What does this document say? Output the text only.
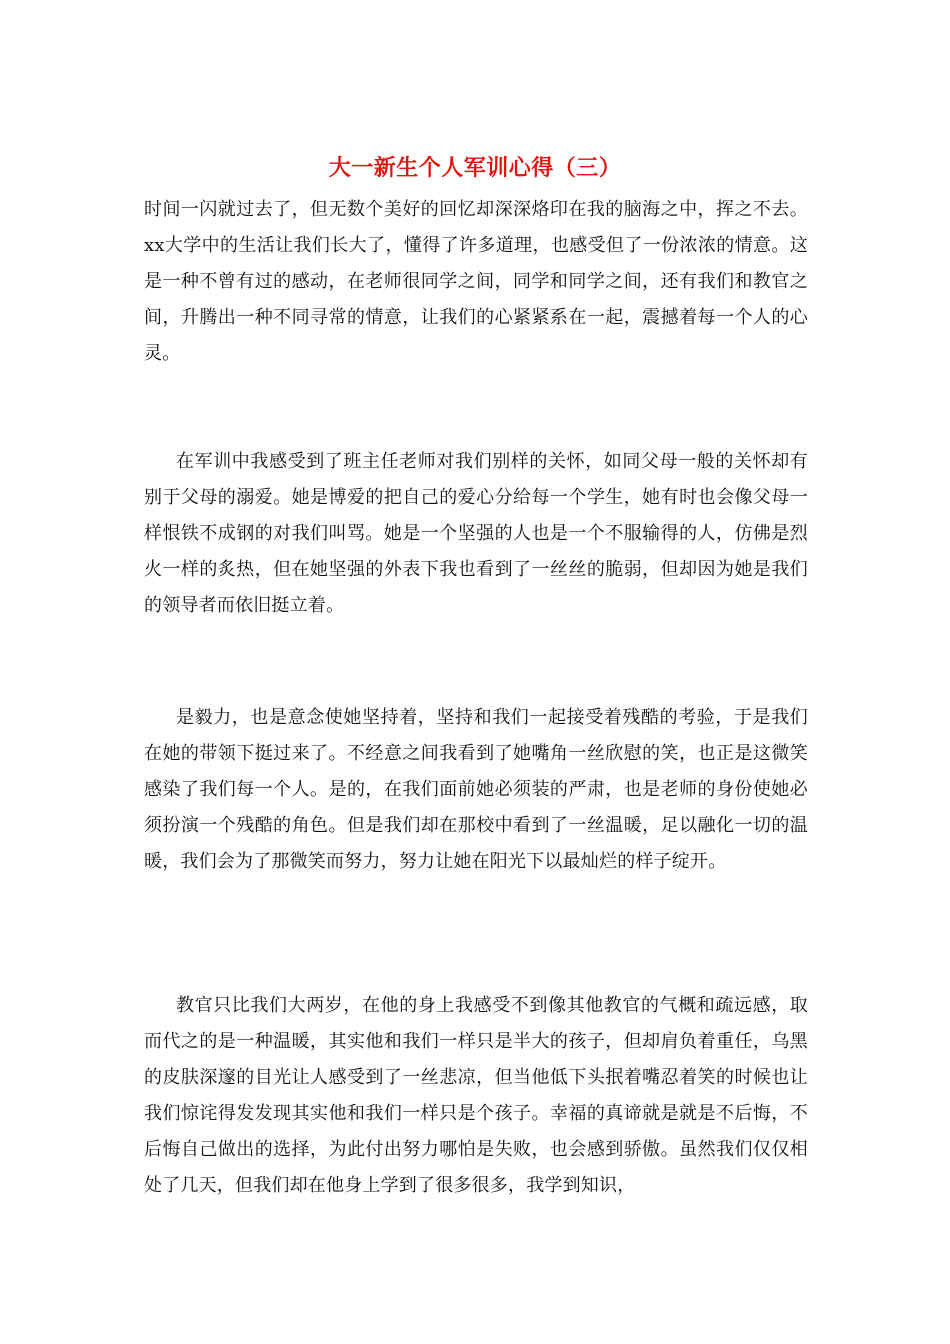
大一新生个人军训心得（三）

时间一闪就过去了，但无数个美好的回忆却深深烙印在我的脑海之中，挥之不去。xx大学中的生活让我们长大了，懂得了许多道理，也感受但了一份浓浓的情意。这是一种不曾有过的感动，在老师很同学之间，同学和同学之间，还有我们和教官之间，升腾出一种不同寻常的情意，让我们的心紧紧系在一起，震撼着每一个人的心灵。

在军训中我感受到了班主任老师对我们别样的关怀，如同父母一般的关怀却有别于父母的溺爱。她是博爱的把自己的爱心分给每一个学生，她有时也会像父母一样恨铁不成钢的对我们叫骂。她是一个坚强的人也是一个不服输得的人，仿佛是烈火一样的炙热，但在她坚强的外表下我也看到了一丝丝的脆弱，但却因为她是我们的领导者而依旧挺立着。

是毅力，也是意念使她坚持着，坚持和我们一起接受着残酷的考验，于是我们在她的带领下挺过来了。不经意之间我看到了她嘴角一丝欣慰的笑，也正是这微笑感染了我们每一个人。是的，在我们面前她必须装的严肃，也是老师的身份使她必须扮演一个残酷的角色。但是我们却在那校中看到了一丝温暖，足以融化一切的温暖，我们会为了那微笑而努力，努力让她在阳光下以最灿烂的样子绽开。

教官只比我们大两岁，在他的身上我感受不到像其他教官的气概和疏远感，取而代之的是一种温暖，其实他和我们一样只是半大的孩子，但却肩负着重任，乌黑的皮肤深邃的目光让人感受到了一丝悲凉，但当他低下头抿着嘴忍着笑的时候也让我们惊诧得发发现其实他和我们一样只是个孩子。幸福的真谛就是就是不后悔，不后悔自己做出的选择，为此付出努力哪怕是失败，也会感到骄傲。虽然我们仅仅相处了几天，但我们却在他身上学到了很多很多，我学到知识，
